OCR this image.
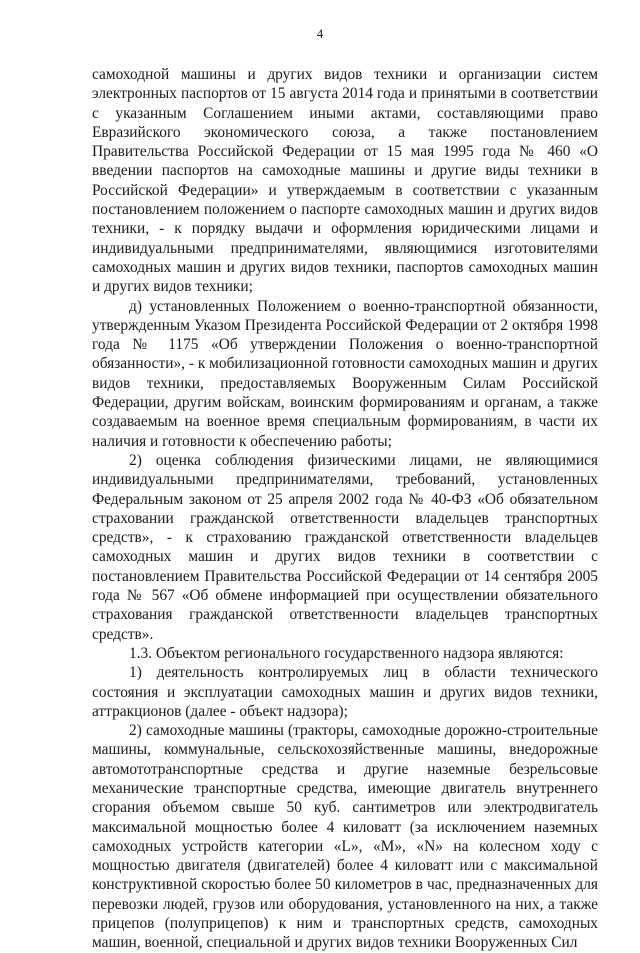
4

самоходной машины и других видов техники и организации систем электронных паспортов от 15 августа 2014 года и принятыми в соответствии с указанным Соглашением иными актами, составляющими право Евразийского экономического союза, а также постановлением Правительства Российской Федерации от 15 мая 1995 года № 460 «О введении паспортов на самоходные машины и другие виды техники в Российской Федерации» и утверждаемым в соответствии с указанным постановлением положением о паспорте самоходных машин и других видов техники, - к порядку выдачи и оформления юридическими лицами и индивидуальными предпринимателями, являющимися изготовителями самоходных машин и других видов техники, паспортов самоходных машин и других видов техники;

д) установленных Положением о военно-транспортной обязанности, утвержденным Указом Президента Российской Федерации от 2 октября 1998 года № 1175 «Об утверждении Положения о военно-транспортной обязанности», - к мобилизационной готовности самоходных машин и других видов техники, предоставляемых Вооруженным Силам Российской Федерации, другим войскам, воинским формированиям и органам, а также создаваемым на военное время специальным формированиям, в части их наличия и готовности к обеспечению работы;

2) оценка соблюдения физическими лицами, не являющимися индивидуальными предпринимателями, требований, установленных Федеральным законом от 25 апреля 2002 года № 40-ФЗ «Об обязательном страховании гражданской ответственности владельцев транспортных средств», - к страхованию гражданской ответственности владельцев самоходных машин и других видов техники в соответствии с постановлением Правительства Российской Федерации от 14 сентября 2005 года № 567 «Об обмене информацией при осуществлении обязательного страхования гражданской ответственности владельцев транспортных средств».

1.3. Объектом регионального государственного надзора являются:

1) деятельность контролируемых лиц в области технического состояния и эксплуатации самоходных машин и других видов техники, аттракционов (далее - объект надзора);

2) самоходные машины (тракторы, самоходные дорожно-строительные машины, коммунальные, сельскохозяйственные машины, внедорожные автомототранспортные средства и другие наземные безрельсовые механические транспортные средства, имеющие двигатель внутреннего сгорания объемом свыше 50 куб. сантиметров или электродвигатель максимальной мощностью более 4 киловатт (за исключением наземных самоходных устройств категории «L», «M», «N» на колесном ходу с мощностью двигателя (двигателей) более 4 киловатт или с максимальной конструктивной скоростью более 50 километров в час, предназначенных для перевозки людей, грузов или оборудования, установленного на них, а также прицепов (полуприцепов) к ним и транспортных средств, самоходных машин, военной, специальной и других видов техники Вооруженных Сил
